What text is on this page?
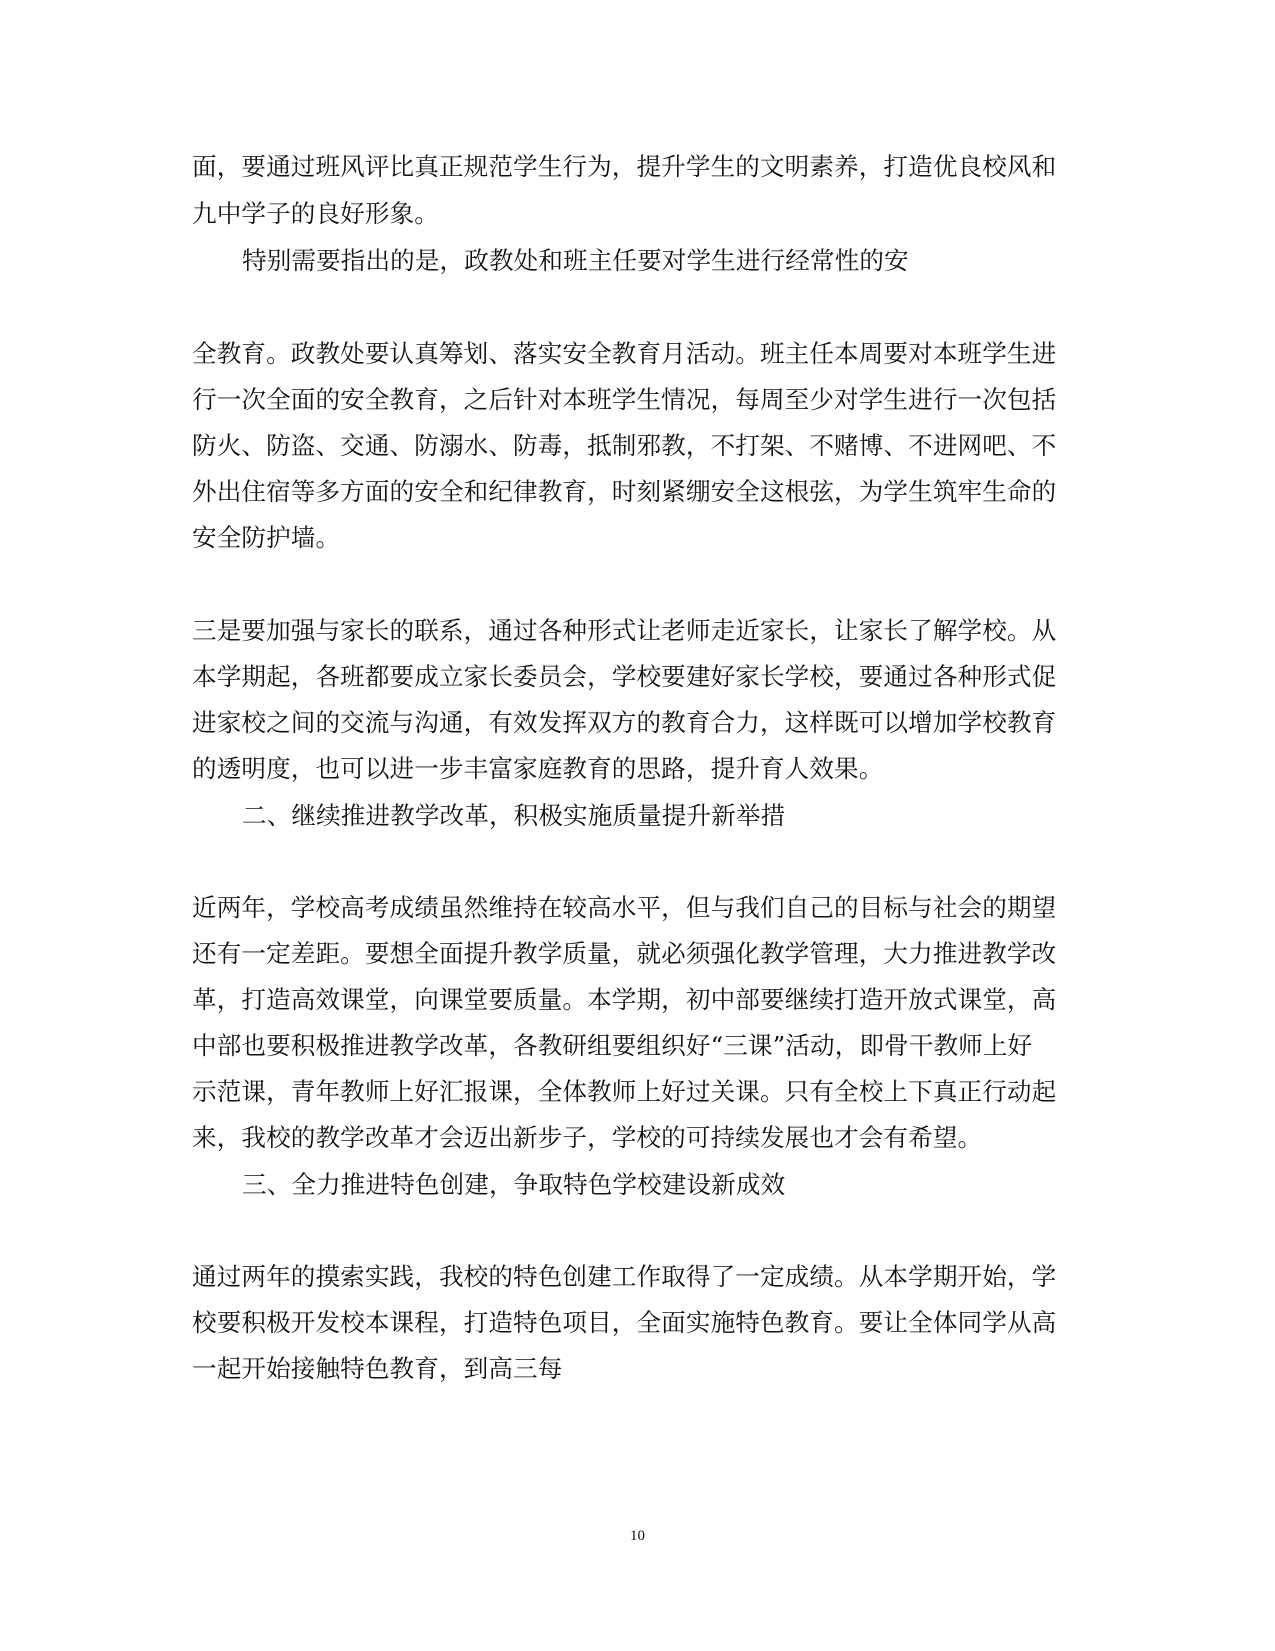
面，要通过班风评比真正规范学生行为，提升学生的文明素养，打造优良校风和
九中学子的良好形象。
特别需要指出的是，政教处和班主任要对学生进行经常性的安
全教育。政教处要认真筹划、落实安全教育月活动。班主任本周要对本班学生进
行一次全面的安全教育，之后针对本班学生情况，每周至少对学生进行一次包括
防火、防盗、交通、防溺水、防毒，抵制邪教，不打架、不赌博、不进网吧、不
外出住宿等多方面的安全和纪律教育，时刻紧绷安全这根弦，为学生筑牢生命的
安全防护墙。
三是要加强与家长的联系，通过各种形式让老师走近家长，让家长了解学校。从
本学期起，各班都要成立家长委员会，学校要建好家长学校，要通过各种形式促
进家校之间的交流与沟通，有效发挥双方的教育合力，这样既可以增加学校教育
的透明度，也可以进一步丰富家庭教育的思路，提升育人效果。
二、继续推进教学改革，积极实施质量提升新举措
近两年，学校高考成绩虽然维持在较高水平，但与我们自己的目标与社会的期望
还有一定差距。要想全面提升教学质量，就必须强化教学管理，大力推进教学改
革，打造高效课堂，向课堂要质量。本学期，初中部要继续打造开放式课堂，高
中部也要积极推进教学改革，各教研组要组织好“三课”活动，即骨干教师上好
示范课，青年教师上好汇报课，全体教师上好过关课。只有全校上下真正行动起
来，我校的教学改革才会迈出新步子，学校的可持续发展也才会有希望。
三、全力推进特色创建，争取特色学校建设新成效
通过两年的摸索实践，我校的特色创建工作取得了一定成绩。从本学期开始，学
校要积极开发校本课程，打造特色项目，全面实施特色教育。要让全体同学从高
一起开始接触特色教育，到高三每
10
